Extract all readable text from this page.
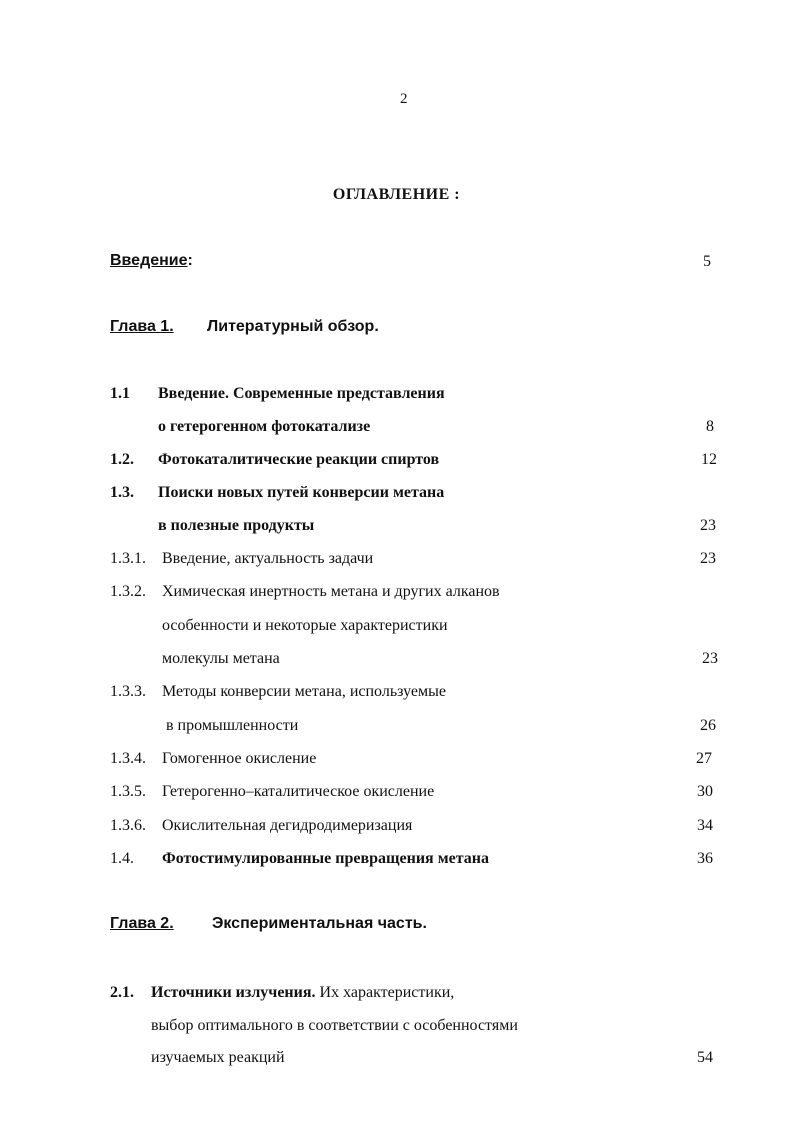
2
ОГЛАВЛЕНИЕ :
Введение:	5
Глава 1. Литературный обзор.
1.1 Введение. Современные представления
о гетерогенном фотокатализе	8
1.2. Фотокаталитические реакции спиртов	12
1.3. Поиски новых путей конверсии метана
в полезные продукты	23
1.3.1. Введение, актуальность задачи	23
1.3.2. Химическая инертность метана и других алканов
особенности и некоторые характеристики
молекулы метана	23
1.3.3. Методы конверсии метана, используемые
в промышленности	26
1.3.4. Гомогенное окисление	27
1.3.5. Гетерогенно–каталитическое окисление	30
1.3.6. Окислительная дегидродимеризация	34
1.4. Фотостимулированные превращения метана	36
Глава 2. Экспериментальная часть.
2.1. Источники излучения. Их характеристики,
выбор оптимального в соответствии с особенностями
изучаемых реакций	54
